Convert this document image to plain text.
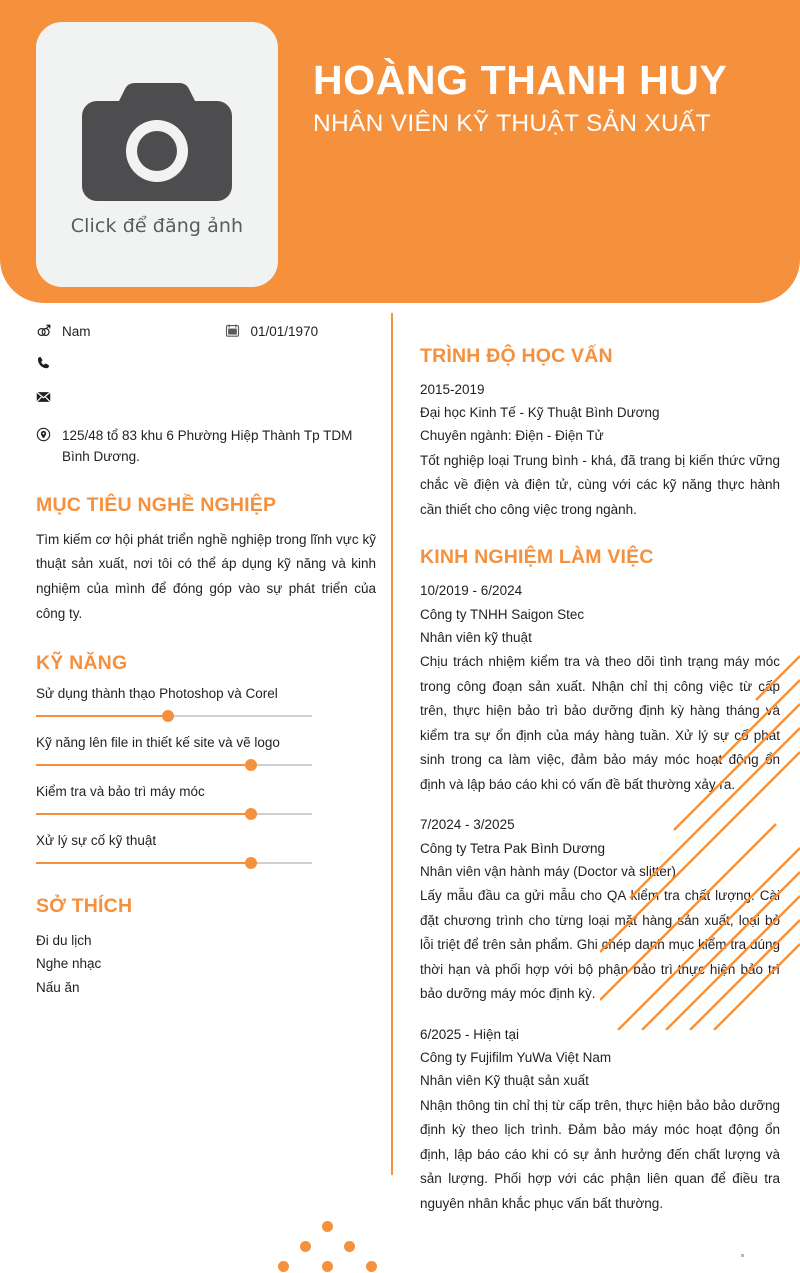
Click để đăng ảnh
HOÀNG THANH HUY
NHÂN VIÊN KỸ THUẬT SẢN XUẤT
Nam	01/01/1970
125/48 tổ 83 khu 6 Phường Hiệp Thành Tp TDM Bình Dương.
MỤC TIÊU NGHỀ NGHIỆP
Tìm kiếm cơ hội phát triển nghề nghiệp trong lĩnh vực kỹ thuật sản xuất, nơi tôi có thể áp dụng kỹ năng và kinh nghiệm của mình để đóng góp vào sự phát triển của công ty.
KỸ NĂNG
Sử dụng thành thạo Photoshop và Corel
Kỹ năng lên file in thiết kế site và vẽ logo
Kiểm tra và bảo trì máy móc
Xử lý sự cố kỹ thuật
SỞ THÍCH
Đi du lịch
Nghe nhạc
Nấu ăn
TRÌNH ĐỘ HỌC VẤN
2015-2019
Đại học Kinh Tế - Kỹ Thuật Bình Dương
Chuyên ngành: Điện - Điện Tử
Tốt nghiệp loại Trung bình - khá, đã trang bị kiến thức vững chắc về điện và điện tử, cùng với các kỹ năng thực hành cần thiết cho công việc trong ngành.
KINH NGHIỆM LÀM VIỆC
10/2019 - 6/2024
Công ty TNHH Saigon Stec
Nhân viên kỹ thuật
Chịu trách nhiệm kiểm tra và theo dõi tình trạng máy móc trong công đoạn sản xuất. Nhận chỉ thị công việc từ cấp trên, thực hiện bảo trì bảo dưỡng định kỳ hàng tháng và kiểm tra sự ổn định của máy hàng tuần. Xử lý sự cố phát sinh trong ca làm việc, đảm bảo máy móc hoạt động ổn định và lập báo cáo khi có vấn đề bất thường xảy ra.
7/2024 - 3/2025
Công ty Tetra Pak Bình Dương
Nhân viên vận hành máy (Doctor và slitter)
Lấy mẫu đầu ca gửi mẫu cho QA kiểm tra chất lượng. Cài đặt chương trình cho từng loại mặt hàng sản xuất, loại bỏ lỗi triệt để trên sản phẩm. Ghi chép danh mục kiểm tra đúng thời hạn và phối hợp với bộ phận bảo trì thực hiện bảo trì bảo dưỡng máy móc định kỳ.
6/2025 - Hiện tại
Công ty Fujifilm YuWa Việt Nam
Nhân viên Kỹ thuật sản xuất
Nhận thông tin chỉ thị từ cấp trên, thực hiện bảo bảo dưỡng định kỳ theo lịch trình. Đảm bảo máy móc hoạt động ổn định, lập báo cáo khi có sự ảnh hưởng đến chất lượng và sản lượng. Phối hợp với các phận liên quan để điều tra nguyên nhân khắc phục vấn bất thường.
